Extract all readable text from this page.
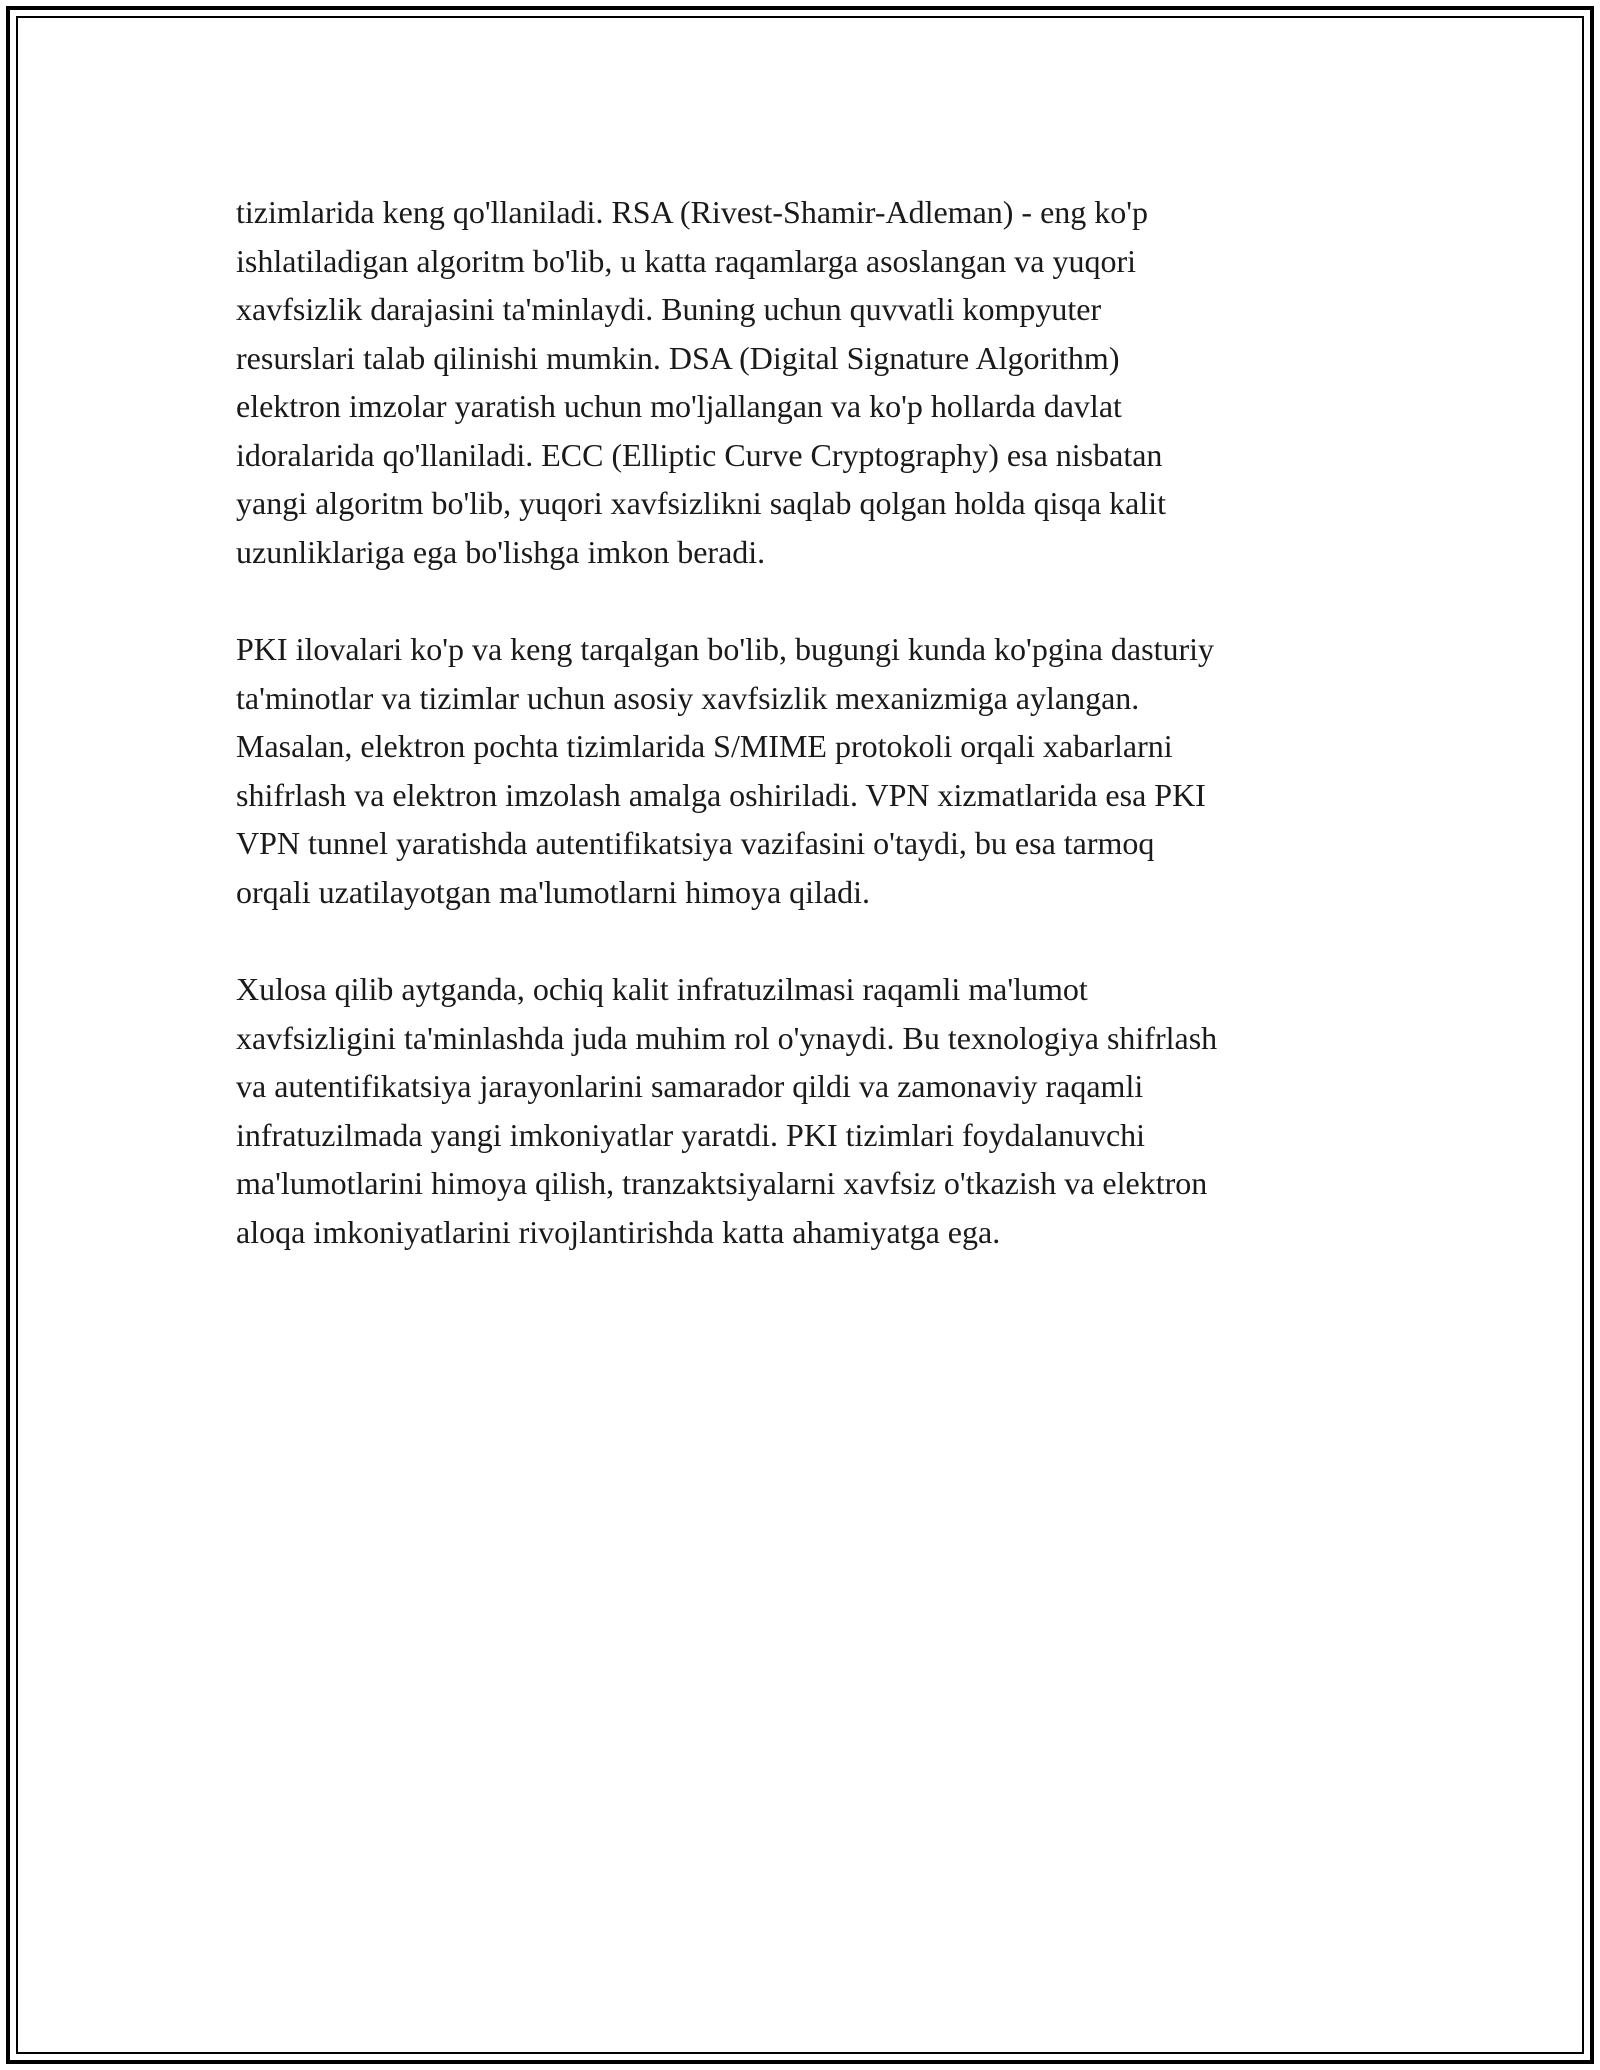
tizimlarida keng qo'llaniladi. RSA (Rivest-Shamir-Adleman) - eng ko'p
ishlatiladigan algoritm bo'lib, u katta raqamlarga asoslangan va yuqori
xavfsizlik darajasini ta'minlaydi. Buning uchun quvvatli kompyuter
resurslari talab qilinishi mumkin. DSA (Digital Signature Algorithm)
elektron imzolar yaratish uchun mo'ljallangan va ko'p hollarda davlat
idoralarida qo'llaniladi. ECC (Elliptic Curve Cryptography) esa nisbatan
yangi algoritm bo'lib, yuqori xavfsizlikni saqlab qolgan holda qisqa kalit
uzunliklariga ega bo'lishga imkon beradi.

PKI ilovalari ko'p va keng tarqalgan bo'lib, bugungi kunda ko'pgina dasturiy
ta'minotlar va tizimlar uchun asosiy xavfsizlik mexanizmiga aylangan.
Masalan, elektron pochta tizimlarida S/MIME protokoli orqali xabarlarni
shifrlash va elektron imzolash amalga oshiriladi. VPN xizmatlarida esa PKI
VPN tunnel yaratishda autentifikatsiya vazifasini o'taydi, bu esa tarmoq
orqali uzatilayotgan ma'lumotlarni himoya qiladi.

Xulosa qilib aytganda, ochiq kalit infratuzilmasi raqamli ma'lumot
xavfsizligini ta'minlashda juda muhim rol o'ynaydi. Bu texnologiya shifrlash
va autentifikatsiya jarayonlarini samarador qildi va zamonaviy raqamli
infratuzilmada yangi imkoniyatlar yaratdi. PKI tizimlari foydalanuvchi
ma'lumotlarini himoya qilish, tranzaktsiyalarni xavfsiz o'tkazish va elektron
aloqa imkoniyatlarini rivojlantirishda katta ahamiyatga ega.
